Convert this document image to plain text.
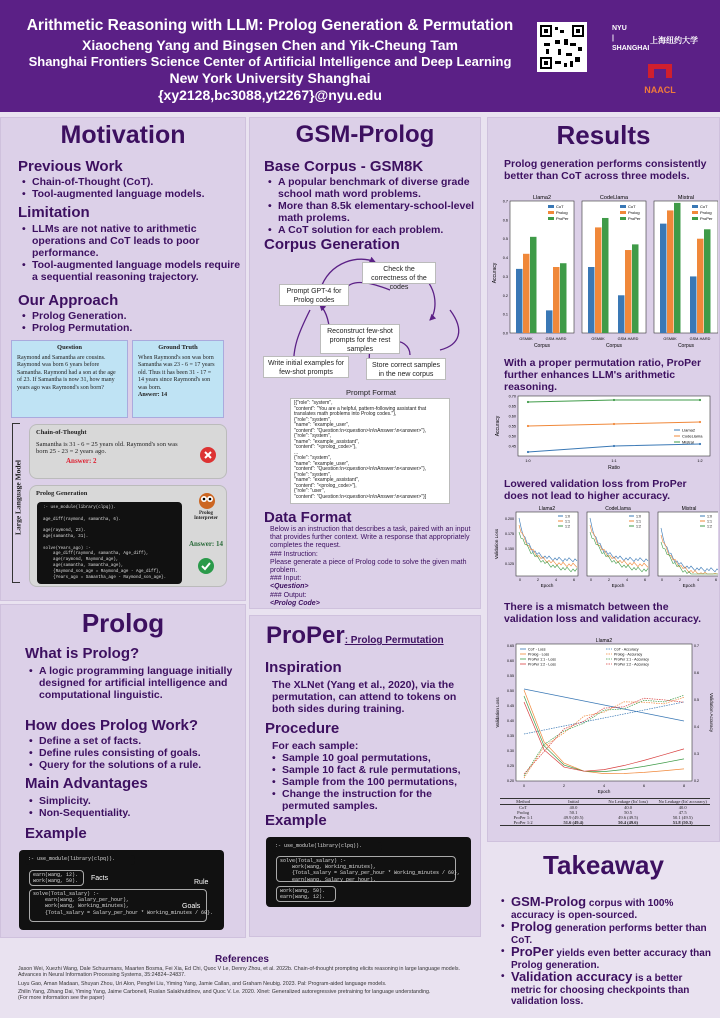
Arithmetic Reasoning with LLM: Prolog Generation & Permutation
Xiaocheng Yang and Bingsen Chen and Yik-Cheung Tam
Shanghai Frontiers Science Center of Artificial Intelligence and Deep Learning
New York University Shanghai
{xy2128,bc3088,yt2267}@nyu.edu
NYU | SHANGHAI
上海纽约大学
NAACL
Motivation
Previous Work
• Chain-of-Thought (CoT).
• Tool-augmented language models.
Limitation
• LLMs are not native to arithmetic operations and CoT leads to poor performance.
• Tool-augmented language models require a sequential reasoning trajectory.
Our Approach
• Prolog Generation.
• Prolog Permutation.
Question
Raymond and Samantha are cousins. Raymond was born 6 years before Samantha. Raymond had a son at the age of 23. If Samantha is now 31, how many years ago was Raymond's son born?
Ground Truth
When Raymond's son was born Samantha was 23 - 6 = 17 years old. Thus it has been 31 - 17 = 14 years since Raymond's son was born.
Answer: 14
Large Language Model
Chain-of-Thought
Samantha is 31 - 6 = 25 years old. Raymond's son was born 25 - 23 = 2 years ago.
Answer: 2
Prolog Generation
:- use_module(library(clpq)).

age_diff(raymond, samantha, 6).

age(raymond, 23).
age(samantha, 31).

solve(Years_ago) :-
age_diff(raymond, samantha, Age_diff),
age(raymond, Raymond_age),
age(samantha, Samantha_age),
{Raymond_son_age = Raymond_age - Age_diff},
{Years_ago = Samantha_age - Raymond_son_age}.
Prolog Interpreter
Answer: 14
Prolog
What is Prolog?
• A logic programming language initially designed for artificial intelligence and computational linguistic.
How does Prolog Work?
• Define a set of facts.
• Define rules consisting of goals.
• Query for the solutions of a rule.
Main Advantages
• Simplicity.
• Non-Sequentiality.
Example
:- use_module(library(clpq)).
earn(wang, 12).
work(wang, 50).	Facts
Rule
solve(Total_salary) :-
earn(wang, Salary_per_hour),
work(wang, Working_minutes),
{Total_salary = Salary_per_hour * Working_minutes / 60}.
Goals
GSM-Prolog
Base Corpus - GSM8K
• A popular benchmark of diverse grade school math word problems.
• More than 8.5k elementary-school-level math prolems.
• A CoT solution for each problem.
Corpus Generation
Check the correctness of the codes
Prompt GPT-4 for Prolog codes
Reconstruct few-shot prompts for the rest samples
Write initial examples for few-shot prompts
Store correct samples in the new corpus
Prompt Format
[{"role": "system",
"content": "You are a helpful, pattern-following assistant that
translates math problems into Prolog codes."},
{"role": "system",
"name": "example_user",
"content": "Question:\n<question>\n\nAnswer:\n<answer>"},
{"role": "system",
"name": "example_assistant",
"content": "<prolog_code>"},
...
{"role": "system",
"name": "example_user",
"content": "Question:\n<question>\n\nAnswer:\n<answer>"},
{"role": "system",
"name": "example_assistant",
"content": "<prolog_code>"},
{"role": "user",
"content": "Question:\n<question>\n\nAnswer:\n<answer>"}]
Data Format
Below is an instruction that describes a task, paired with an input that provides further context. Write a response that appropriately completes the request.
### Instruction:
Please generate a piece of Prolog code to solve the given math problem.
### Input:
<Question>
### Output:
<Prolog Code>
ProPer: Prolog Permutation
Inspiration
The XLNet (Yang et al., 2020), via the permutation, can attend to tokens on both sides during training.
Procedure
For each sample:
• Sample 10 goal permutations,
• Sample 10 fact & rule permutations,
• Sample from the 100 permutations,
• Change the instruction for the permuted samples.
Example
:- use_module(library(clpq)).
solve(Total_salary) :-
work(wang, Working_minutes),
{Total_salary = Salary_per_hour * Working_minutes / 60},
earn(wang, Salary_per_hour).
work(wang, 50).
earn(wang, 12).
Results
Prolog generation performs consistently better than CoT across three models.
Accuracy
Llama2
0.0
0.1
0.2
0.3
0.4
0.5
0.6
0.7
GSM8K	GSM-HARD
Corpus
CoT
Prolog
ProPer
CodeLlama
GSM8K	GSM-HARD
Corpus
CoT
Prolog
ProPer
Mistral
GSM8K	GSM-HARD
Corpus
CoT
Prolog
ProPer
With a proper permutation ratio, ProPer further enhances LLM's arithmetic reasoning.
0.45
0.50
0.55
0.60
0.65
0.70
1:0	1:1	1:2
Ratio
Accuracy	Llama2
CodeLlama
Mistral
Lowered validation loss from ProPer does not lead to higher accuracy.
Validation Loss
0.200
0.175
0.150
0.125
Llama2
0	2	4	6
Epoch
1:0
1:1
1:2
CodeLlama
0	2	4	6
Epoch
1:0
1:1
1:2
Mistral
0	2	4	6
Epoch
1:0
1:1
1:2
There is a mismatch between the validation loss and validation accuracy.
Llama2
0.65
0.60
0.55
0.50
0.45
0.40
0.35
0.30
0.25
0.20
0.7
0.6
0.5
0.4
0.3
0.2
0	2	4	6	8
Epoch
Validation Loss	Validation Accuracy
CoT - Loss
Prolog - Loss
ProPer 1:1 - Loss
ProPer 1:2 - Loss
CoT - Accuracy
Prolog - Accuracy
ProPer 1:1 - Accuracy
ProPer 1:2 - Accuracy
Method	Initial	No Leakage (Its' loss)	No Leakage (Its' accuracy)
CoT	40.0	40.0	40.0
Prolog	50.1	50.5	47.5
ProPer 1:1	49.9 (49.5)	49.6 (49.5)	50.1 (49.5)
ProPer 1:2	51.6 (49.4)	50.4 (49.6)	51.8 (50.3)
Takeaway
• GSM-Prolog corpus with 100% accuracy is open-sourced.
• Prolog generation performs better than CoT.
• ProPer yields even better accuracy than Prolog generation.
• Validation accuracy is a better metric for choosing checkpoints than validation loss.
References
Jason Wei, Xuezhi Wang, Dale Schuurmans, Maarten Bosma, Fei Xia, Ed Chi, Quoc V Le, Denny Zhou, et al. 2022b. Chain-of-thought prompting elicits reasoning in large language models. Advances in Neural Information Processing Systems, 35:24824–24837.
Luyu Gao, Aman Madaan, Shuyan Zhou, Uri Alon, Pengfei Liu, Yiming Yang, Jamie Callan, and Graham Neubig. 2023. Pal: Program-aided language models.
Zhilin Yang, Zihang Dai, Yiming Yang, Jaime Carbonell, Ruslan Salakhutdinov, and Quoc V. Le. 2020. Xlnet: Generalized autoregressive pretraining for language understanding.
(For more information see the paper)
